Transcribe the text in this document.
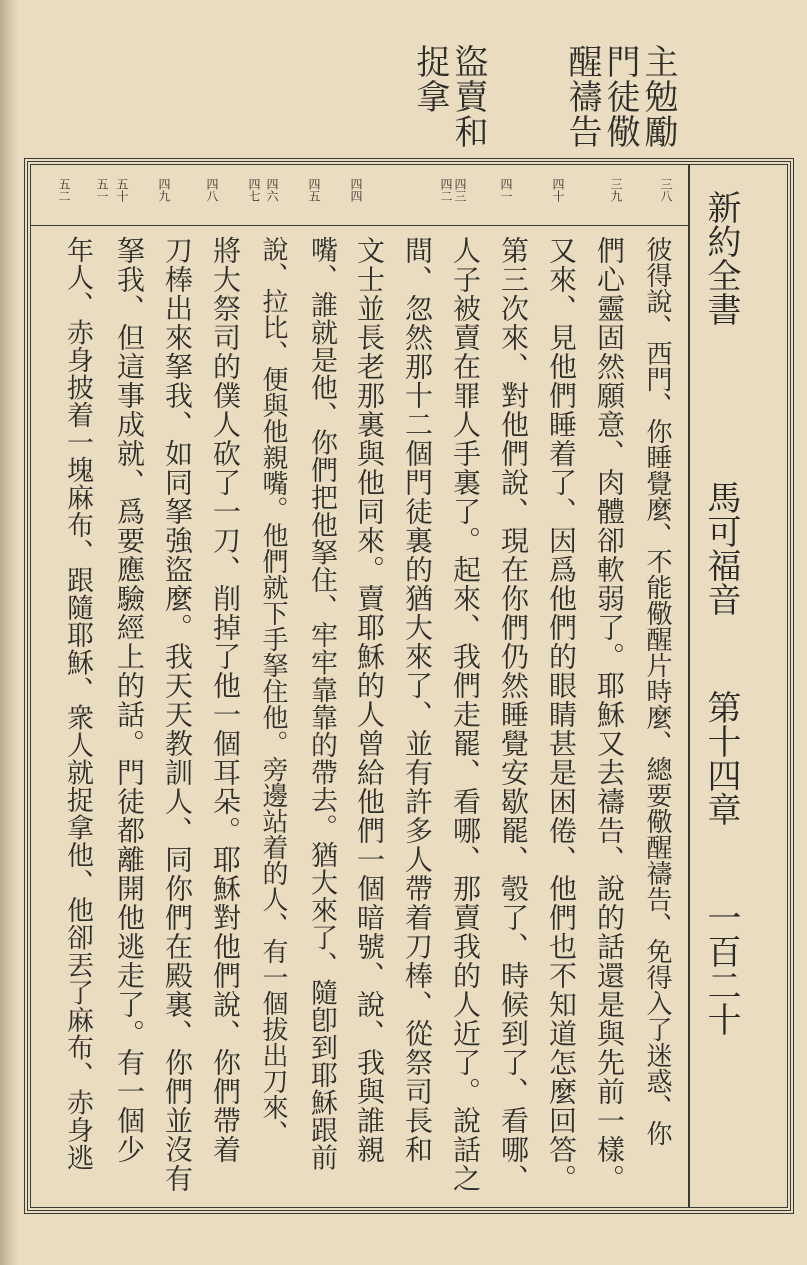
主勉勵
門徒儆
醒禱告
盜賣和
捉拿
新約全書
馬可福音
第十四章
一百二十
三八
三九
四十
四一
四三
四二
四四
四五
四六
四七
四八
四九
五十
五一
五二
彼得說、西門、你睡覺麼、不能儆醒片時麼、總要儆醒禱告、免得入了迷惑、你
們心靈固然願意、肉體卻軟弱了。耶穌又去禱告、說的話還是與先前一樣。
又來、見他們睡着了、因爲他們的眼睛甚是困倦、他們也不知道怎麼回答。
第三次來、對他們說、現在你們仍然睡覺安歇罷、彀了、時候到了、看哪、
人子被賣在罪人手裏了。起來、我們走罷、看哪、那賣我的人近了。說話之
間、忽然那十二個門徒裏的猶大來了、並有許多人帶着刀棒、從祭司長和
文士並長老那裏與他同來。賣耶穌的人曾給他們一個暗號、說、我與誰親
嘴、誰就是他、你們把他拏住、牢牢靠靠的帶去。猶大來了、隨卽到耶穌跟前
說、拉比、便與他親嘴。他們就下手拏住他。旁邊站着的人、有一個拔出刀來、
將大祭司的僕人砍了一刀、削掉了他一個耳朵。耶穌對他們說、你們帶着
刀棒出來拏我、如同拏強盜麼。我天天教訓人、同你們在殿裏、你們並沒有
拏我、但這事成就、爲要應驗經上的話。門徒都離開他逃走了。有一個少
年人、赤身披着一塊麻布、跟隨耶穌、衆人就捉拿他、他卻丟了麻布、赤身逃
